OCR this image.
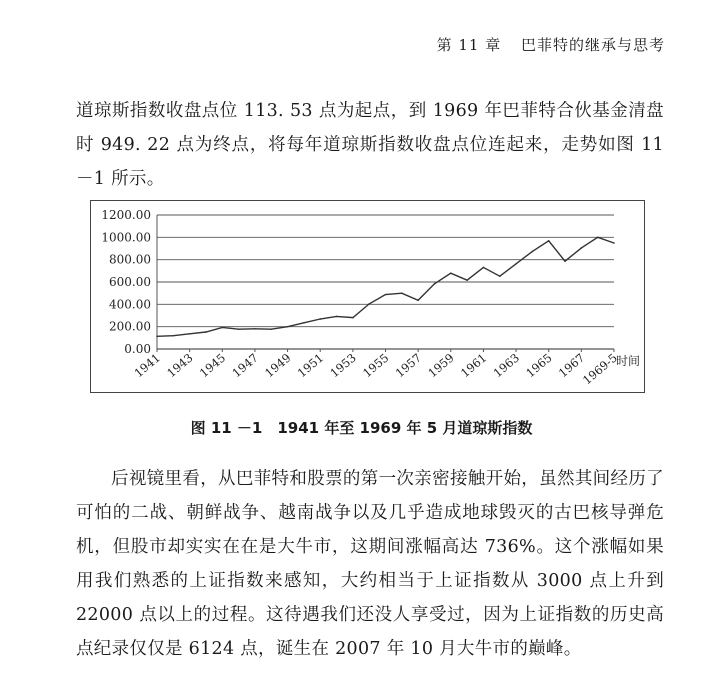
第 11 章 巴菲特的继承与思考

道琼斯指数收盘点位 113. 53 点为起点，到 1969 年巴菲特合伙基金清盘时 949. 22 点为终点，将每年道琼斯指数收盘点位连起来，走势如图 11 －1 所示。

0.00
200.00
400.00
600.00
800.00
1000.00
1200.00
1941 1943 1945 1947 1949 1951 1953 1955 1957 1959 1961 1963 1965 1967
1969-5
时间
图 11 －1　1941 年至 1969 年 5 月道琼斯指数

后视镜里看，从巴菲特和股票的第一次亲密接触开始，虽然其间经历了可怕的二战、朝鲜战争、越南战争以及几乎造成地球毁灭的古巴核导弹危机，但股市却实实在在是大牛市，这期间涨幅高达 736%。这个涨幅如果用我们熟悉的上证指数来感知，大约相当于上证指数从 3000 点上升到 22000 点以上的过程。这待遇我们还没人享受过，因为上证指数的历史高点纪录仅仅是 6124 点，诞生在 2007 年 10 月大牛市的巅峰。
